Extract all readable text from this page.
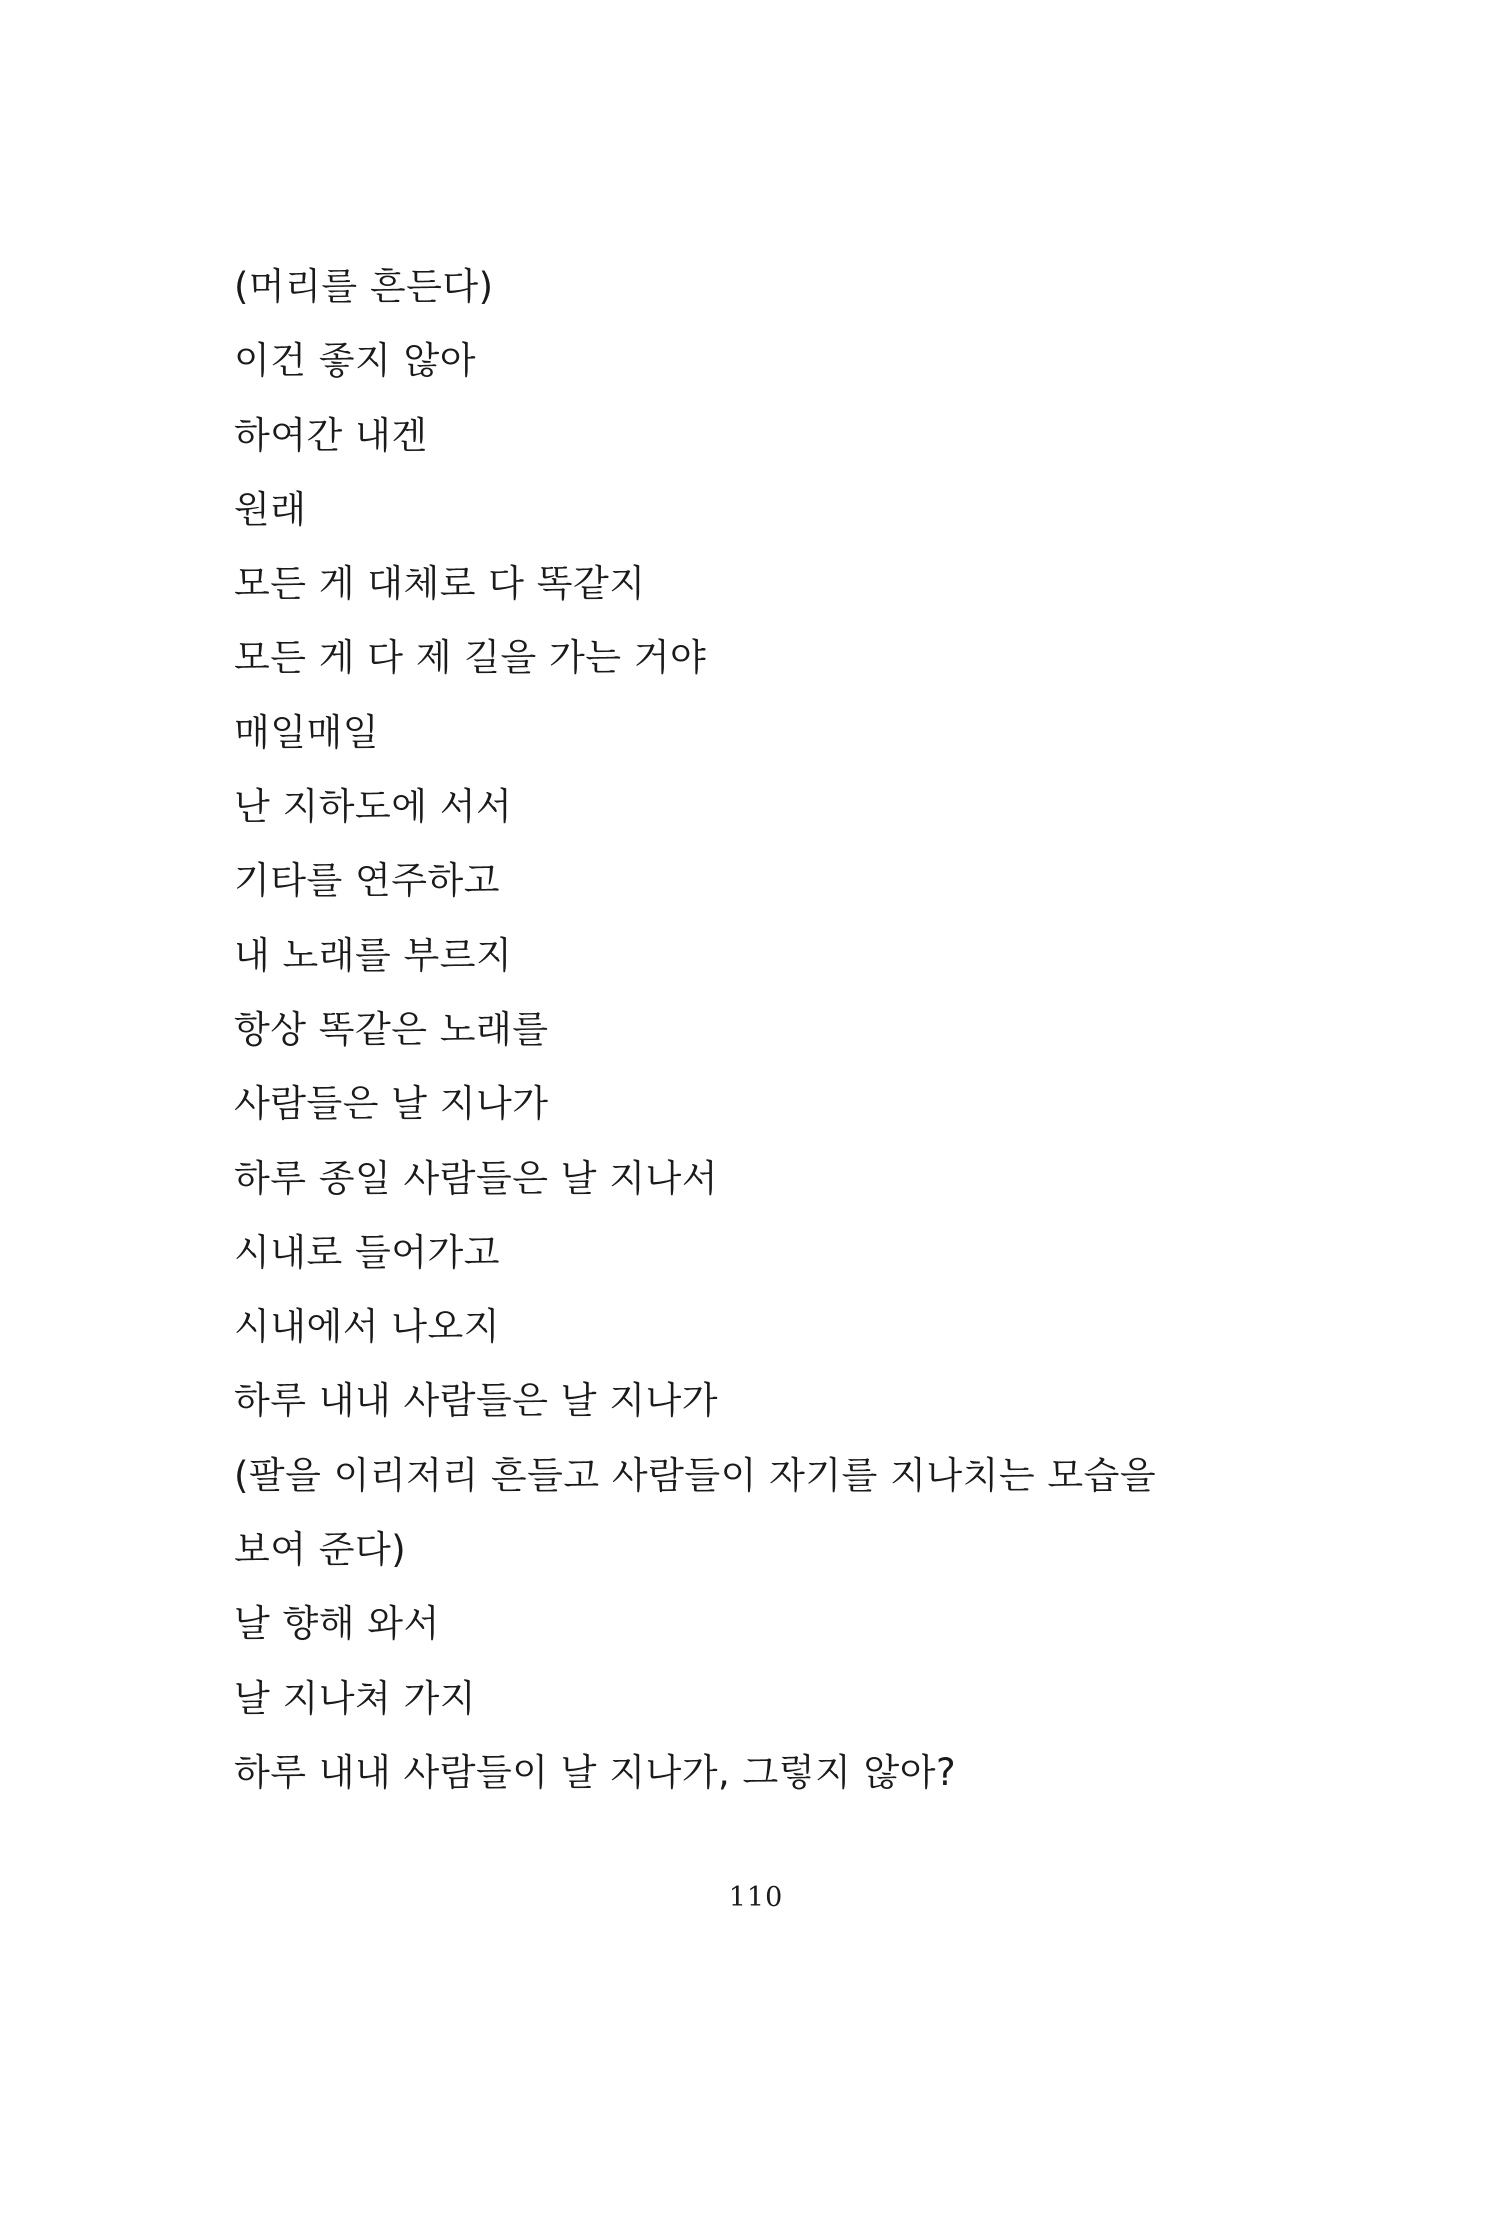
(머리를 흔든다)
이건 좋지 않아
하여간 내겐
원래
모든 게 대체로 다 똑같지
모든 게 다 제 길을 가는 거야
매일매일
난 지하도에 서서
기타를 연주하고
내 노래를 부르지
항상 똑같은 노래를
사람들은 날 지나가
하루 종일 사람들은 날 지나서
시내로 들어가고
시내에서 나오지
하루 내내 사람들은 날 지나가
(팔을 이리저리 흔들고 사람들이 자기를 지나치는 모습을
보여 준다)
날 향해 와서
날 지나쳐 가지
하루 내내 사람들이 날 지나가, 그렇지 않아?
110
